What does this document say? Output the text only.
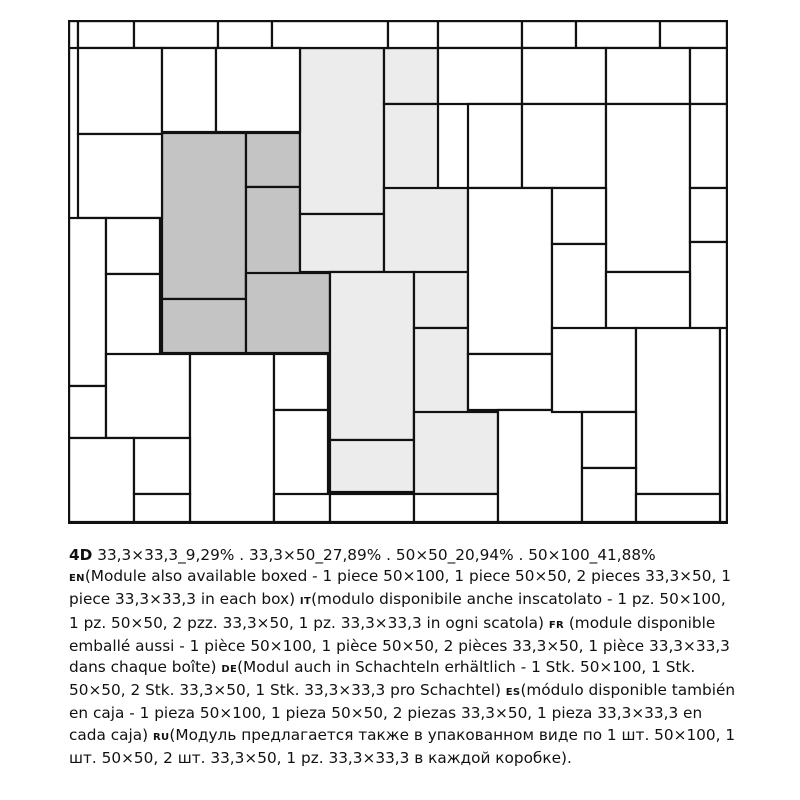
4D 33,3×33,3_9,29% . 33,3×50_27,89% . 50×50_20,94% . 50×100_41,88% EN(Module also available boxed - 1 piece 50×100, 1 piece 50×50, 2 pieces 33,3×50, 1 piece 33,3×33,3 in each box) IT(modulo disponibile anche inscatolato - 1 pz. 50×100, 1 pz. 50×50, 2 pzz. 33,3×50, 1 pz. 33,3×33,3 in ogni scatola) FR (module disponible emballé aussi - 1 pièce 50×100, 1 pièce 50×50, 2 pièces 33,3×50, 1 pièce 33,3×33,3 dans chaque boîte) DE(Modul auch in Schachteln erhältlich - 1 Stk. 50×100, 1 Stk. 50×50, 2 Stk. 33,3×50, 1 Stk. 33,3×33,3 pro Schachtel) ES(módulo disponible también en caja - 1 pieza 50×100, 1 pieza 50×50, 2 piezas 33,3×50, 1 pieza 33,3×33,3 en cada caja) RU(Модуль предлагается также в упакованном виде по 1 шт. 50×100, 1 шт. 50×50, 2 шт. 33,3×50, 1 pz. 33,3×33,3 в каждой коробке).
